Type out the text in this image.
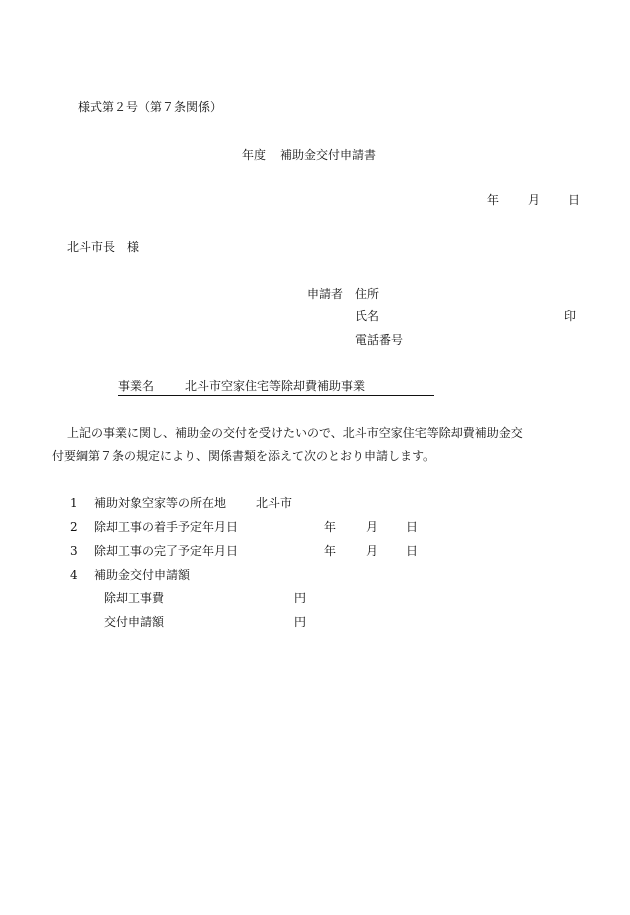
様式第２号（第７条関係）
年度 補助金交付申請書
年 月 日
北斗市長　様
申請者 住所
氏名	印
電話番号
事業名	北斗市空家住宅等除却費補助事業
上記の事業に関し、補助金の交付を受けたいので、北斗市空家住宅等除却費補助金交
付要綱第７条の規定により、関係書類を添えて次のとおり申請します。
1 補助対象空家等の所在地 北斗市
2 除却工事の着手予定年月日	年 月 日
3 除却工事の完了予定年月日	年 月 日
4 補助金交付申請額
除却工事費	円
交付申請額	円
